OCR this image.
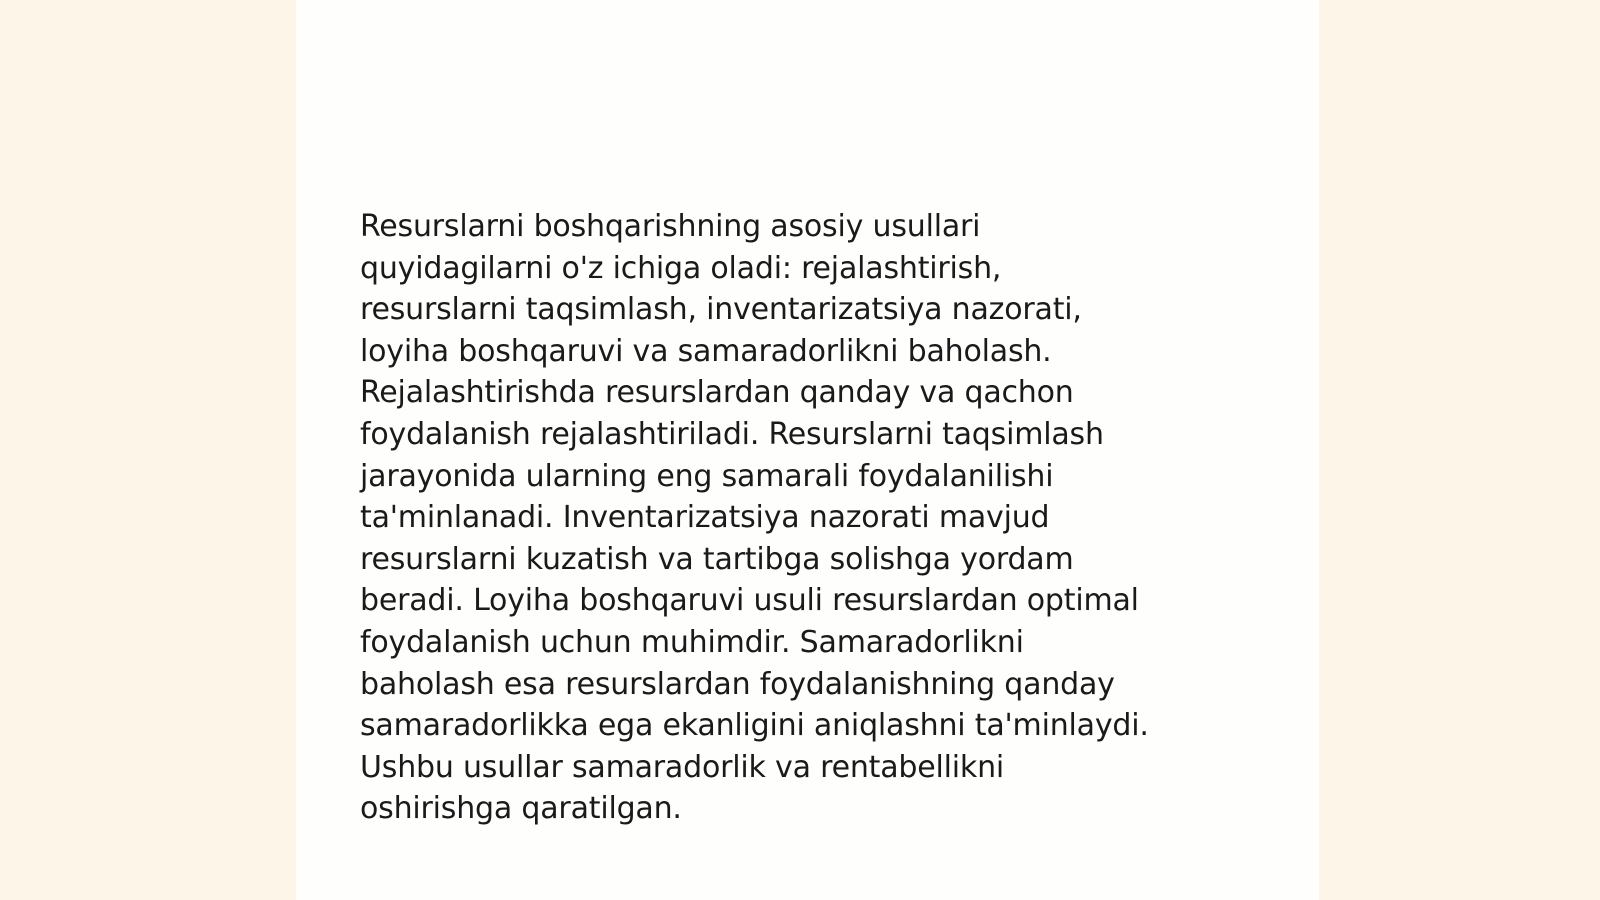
Resurslarni boshqarishning asosiy usullari
quyidagilarni o'z ichiga oladi: rejalashtirish,
resurslarni taqsimlash, inventarizatsiya nazorati,
loyiha boshqaruvi va samaradorlikni baholash.
Rejalashtirishda resurslardan qanday va qachon
foydalanish rejalashtiriladi. Resurslarni taqsimlash
jarayonida ularning eng samarali foydalanilishi
ta'minlanadi. Inventarizatsiya nazorati mavjud
resurslarni kuzatish va tartibga solishga yordam
beradi. Loyiha boshqaruvi usuli resurslardan optimal
foydalanish uchun muhimdir. Samaradorlikni
baholash esa resurslardan foydalanishning qanday
samaradorlikka ega ekanligini aniqlashni ta'minlaydi.
Ushbu usullar samaradorlik va rentabellikni
oshirishga qaratilgan.
